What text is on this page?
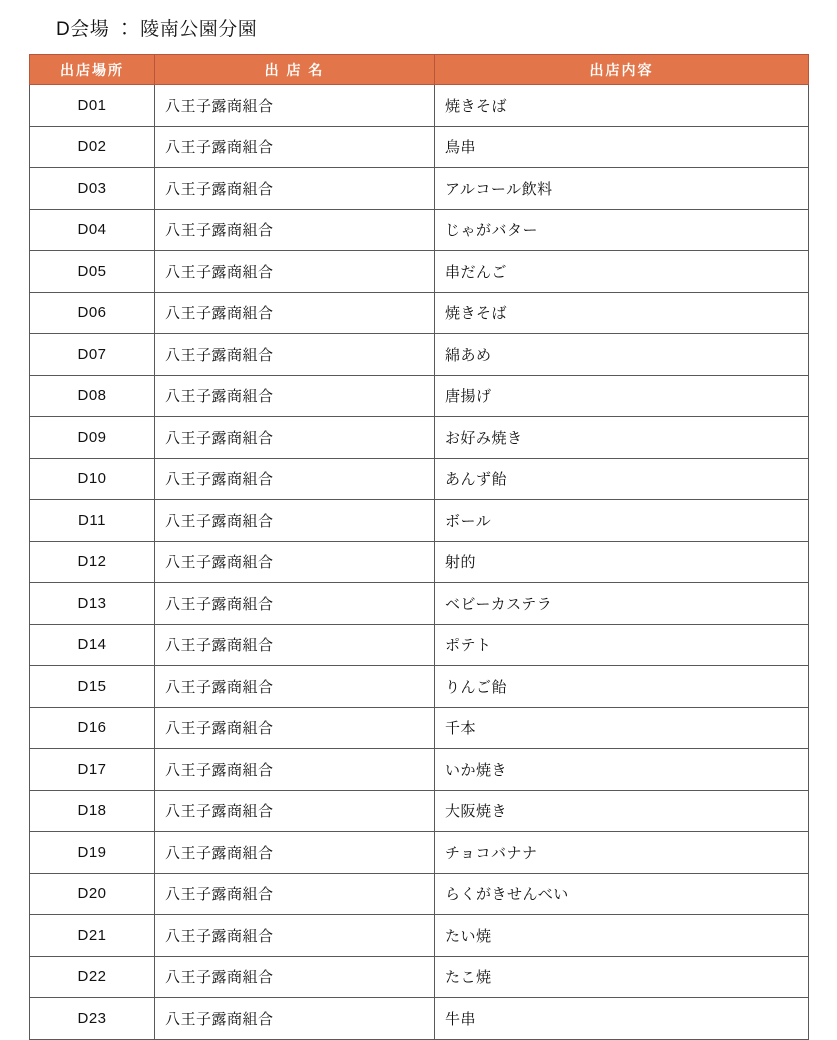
D会場 ： 陵南公園分園
出店場所	出 店 名	出店内容
D01	八王子露商組合	焼きそば
D02	八王子露商組合	鳥串
D03	八王子露商組合	アルコール飲料
D04	八王子露商組合	じゃがバター
D05	八王子露商組合	串だんご
D06	八王子露商組合	焼きそば
D07	八王子露商組合	綿あめ
D08	八王子露商組合	唐揚げ
D09	八王子露商組合	お好み焼き
D10	八王子露商組合	あんず飴
D11	八王子露商組合	ボール
D12	八王子露商組合	射的
D13	八王子露商組合	ベビーカステラ
D14	八王子露商組合	ポテト
D15	八王子露商組合	りんご飴
D16	八王子露商組合	千本
D17	八王子露商組合	いか焼き
D18	八王子露商組合	大阪焼き
D19	八王子露商組合	チョコバナナ
D20	八王子露商組合	らくがきせんべい
D21	八王子露商組合	たい焼
D22	八王子露商組合	たこ焼
D23	八王子露商組合	牛串
